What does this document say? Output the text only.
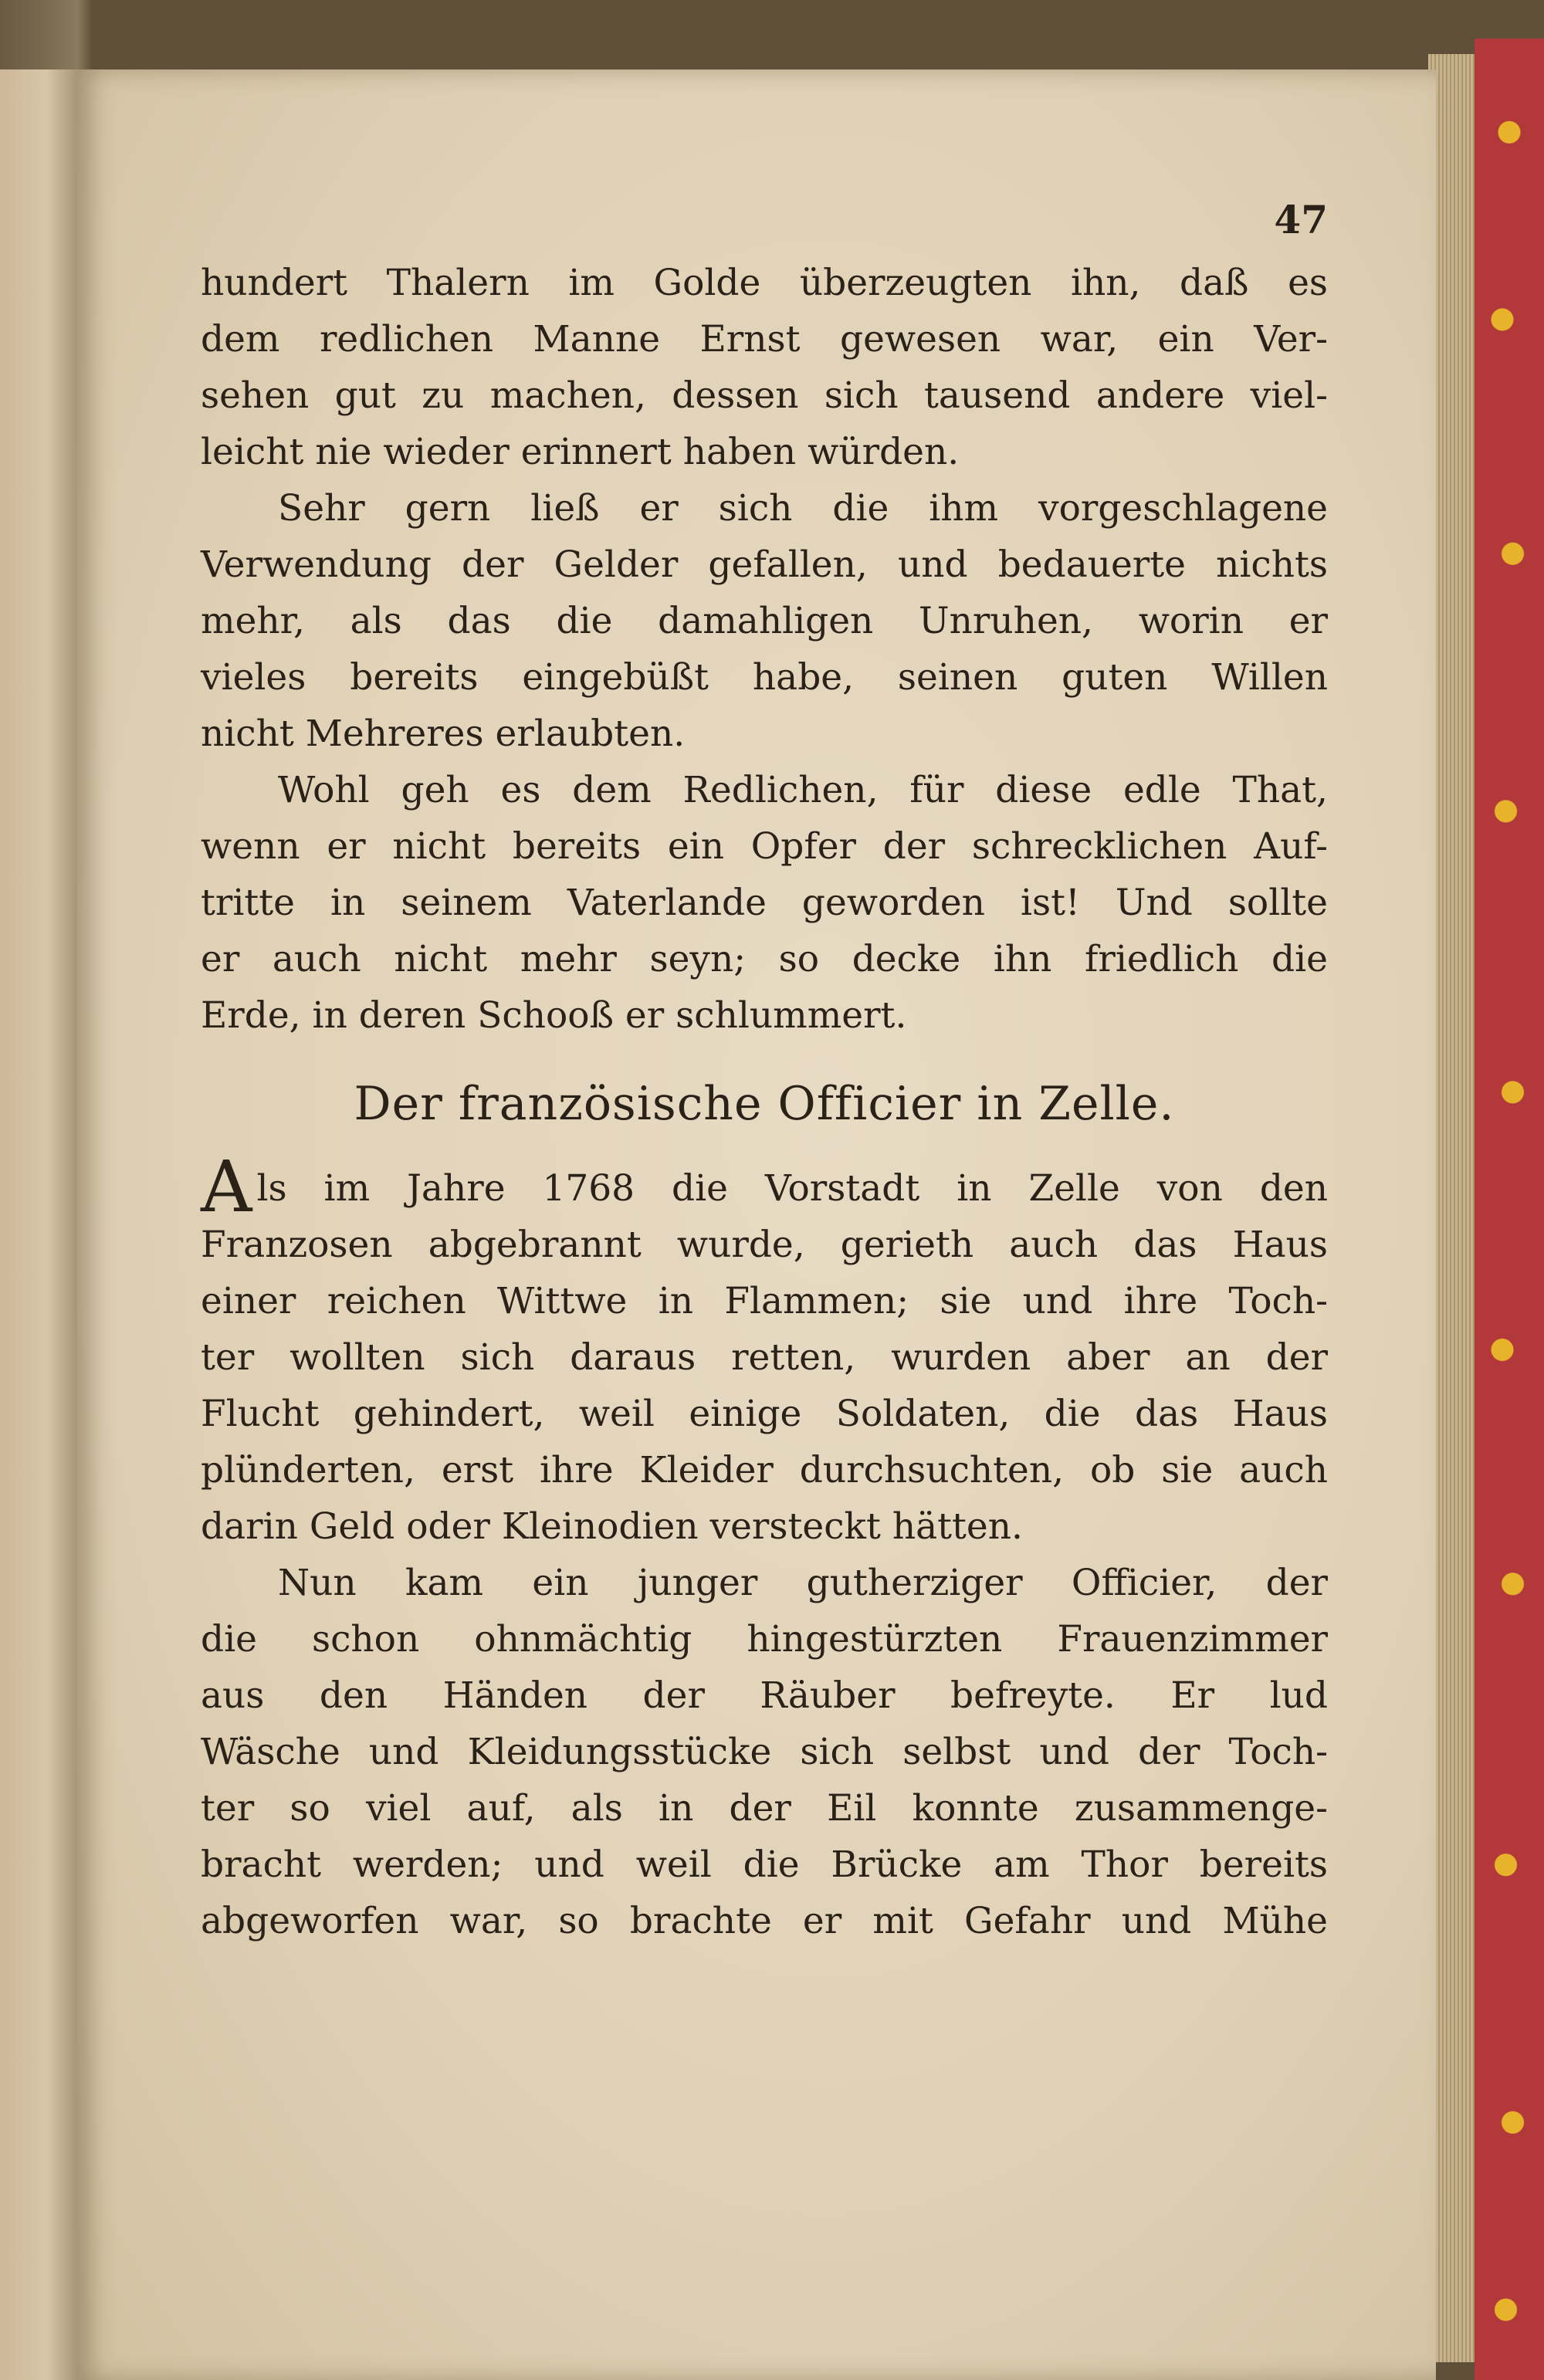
47
hundert Thalern im Golde überzeugten ihn, daß es
dem redlichen Manne Ernst gewesen war, ein Ver-
sehen gut zu machen, dessen sich tausend andere viel-
leicht nie wieder erinnert haben würden.
Sehr gern ließ er sich die ihm vorgeschlagene
Verwendung der Gelder gefallen, und bedauerte nichts
mehr, als das die damahligen Unruhen, worin er
vieles bereits eingebüßt habe, seinen guten Willen
nicht Mehreres erlaubten.
Wohl geh es dem Redlichen, für diese edle That,
wenn er nicht bereits ein Opfer der schrecklichen Auf-
tritte in seinem Vaterlande geworden ist! Und sollte
er auch nicht mehr seyn; so decke ihn friedlich die
Erde, in deren Schooß er schlummert.
Der französische Officier in Zelle.
A ls im Jahre 1768 die Vorstadt in Zelle von den
Franzosen abgebrannt wurde, gerieth auch das Haus
einer reichen Wittwe in Flammen; sie und ihre Toch-
ter wollten sich daraus retten, wurden aber an der
Flucht gehindert, weil einige Soldaten, die das Haus
plünderten, erst ihre Kleider durchsuchten, ob sie auch
darin Geld oder Kleinodien versteckt hätten.
Nun kam ein junger gutherziger Officier, der
die schon ohnmächtig hingestürzten Frauenzimmer
aus den Händen der Räuber befreyte. Er lud
Wäsche und Kleidungsstücke sich selbst und der Toch-
ter so viel auf, als in der Eil konnte zusammenge-
bracht werden; und weil die Brücke am Thor bereits
abgeworfen war, so brachte er mit Gefahr und Mühe
